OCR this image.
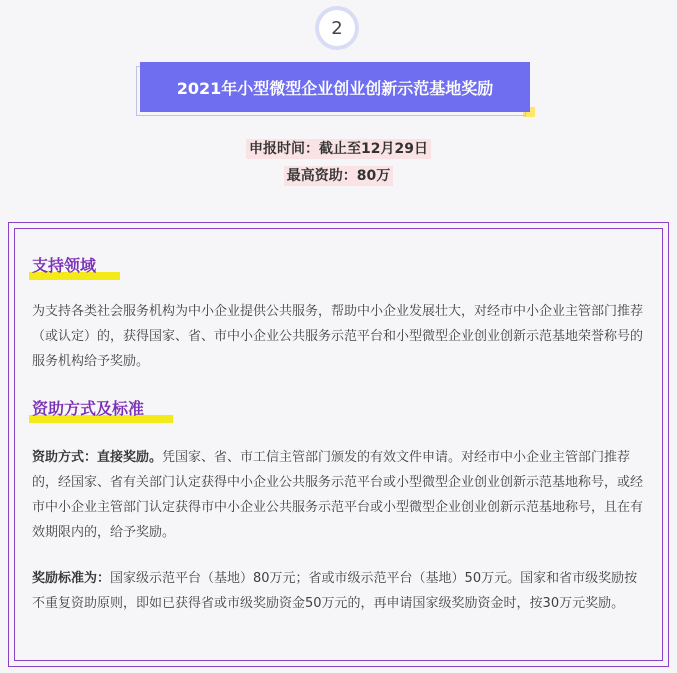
2
2021年小型微型企业创业创新示范基地奖励
申报时间：截止至12月29日
最高资助：80万
支持领域
为支持各类社会服务机构为中小企业提供公共服务，帮助中小企业发展壮大，对经市中小企业主管部门推荐（或认定）的，获得国家、省、市中小企业公共服务示范平台和小型微型企业创业创新示范基地荣誉称号的服务机构给予奖励。
资助方式及标准
资助方式：直接奖励。凭国家、省、市工信主管部门颁发的有效文件申请。对经市中小企业主管部门推荐的，经国家、省有关部门认定获得中小企业公共服务示范平台或小型微型企业创业创新示范基地称号，或经市中小企业主管部门认定获得市中小企业公共服务示范平台或小型微型企业创业创新示范基地称号，且在有效期限内的，给予奖励。
奖励标准为：国家级示范平台（基地）80万元；省或市级示范平台（基地）50万元。国家和省市级奖励按不重复资助原则，即如已获得省或市级奖励资金50万元的，再申请国家级奖励资金时，按30万元奖励。
